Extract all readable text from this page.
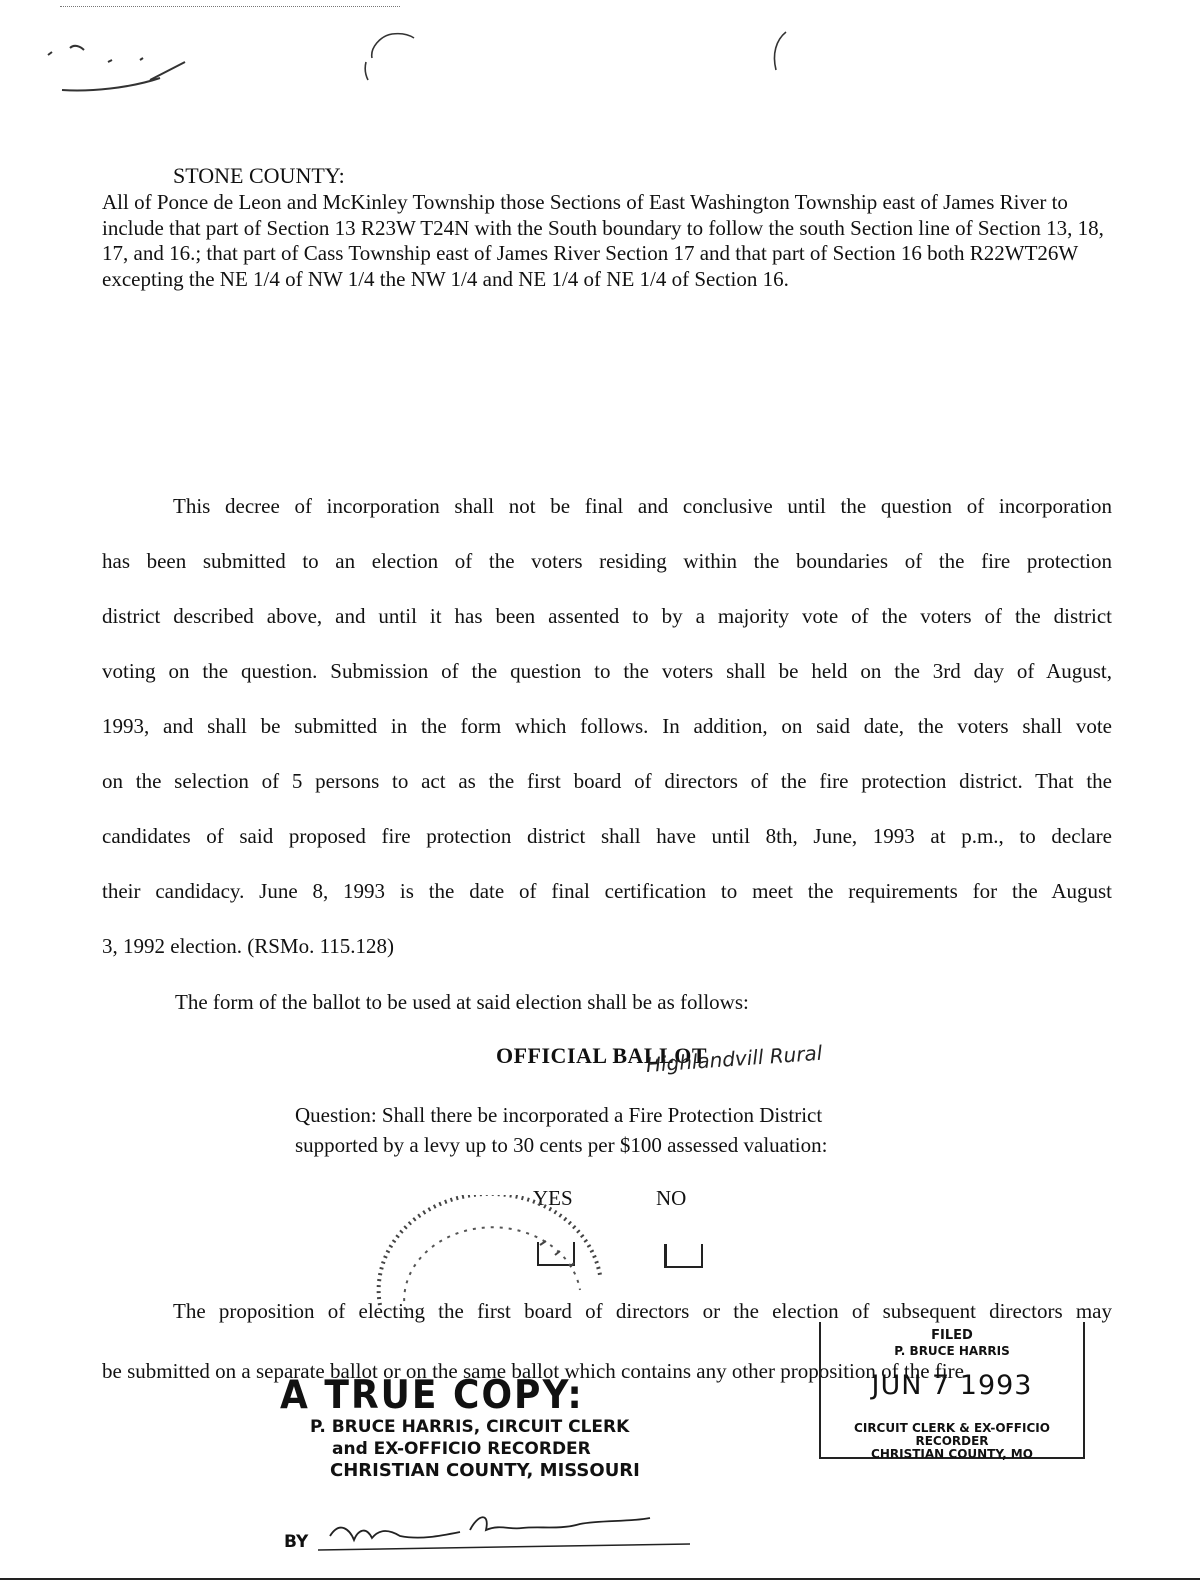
STONE COUNTY:

All of Ponce de Leon and McKinley Township those Sections of East Washington Township east of James River to include that part of Section 13 R23W T24N with the South boundary to follow the south Section line of Section 13, 18, 17, and 16.; that part of Cass Township east of James River Section 17 and that part of Section 16 both R22WT26W excepting the NE 1/4 of NW 1/4 the NW 1/4 and NE 1/4 of NE 1/4 of Section 16.

This decree of incorporation shall not be final and conclusive until the question of incorporation
has been submitted to an election of the voters residing within the boundaries of the fire protection
district described above, and until it has been assented to by a majority vote of the voters of the district
voting on the question. Submission of the question to the voters shall be held on the 3rd day of August,
1993, and shall be submitted in the form which follows. In addition, on said date, the voters shall vote
on the selection of 5 persons to act as the first board of directors of the fire protection district. That the
candidates of said proposed fire protection district shall have until 8th, June, 1993 at p.m., to declare
their candidacy. June 8, 1993 is the date of final certification to meet the requirements for the August
3, 1992 election. (RSMo. 115.128)
The form of the ballot to be used at said election shall be as follows:
OFFICIAL BALLOT
Highlandvill Rural
Question: Shall there be incorporated a Fire Protection District
supported by a levy up to 30 cents per $100 assessed valuation:
YES	NO
The proposition of electing the first board of directors or the election of subsequent directors may
be submitted on a separate ballot or on the same ballot which contains any other proposition of the fire

A TRUE COPY:

P. BRUCE HARRIS, CIRCUIT CLERK

and EX-OFFICIO RECORDER

CHRISTIAN COUNTY, MISSOURI

BY
FILED
P. BRUCE HARRIS
JUN 7 1993
CIRCUIT CLERK & EX-OFFICIO RECORDER
CHRISTIAN COUNTY, MO
